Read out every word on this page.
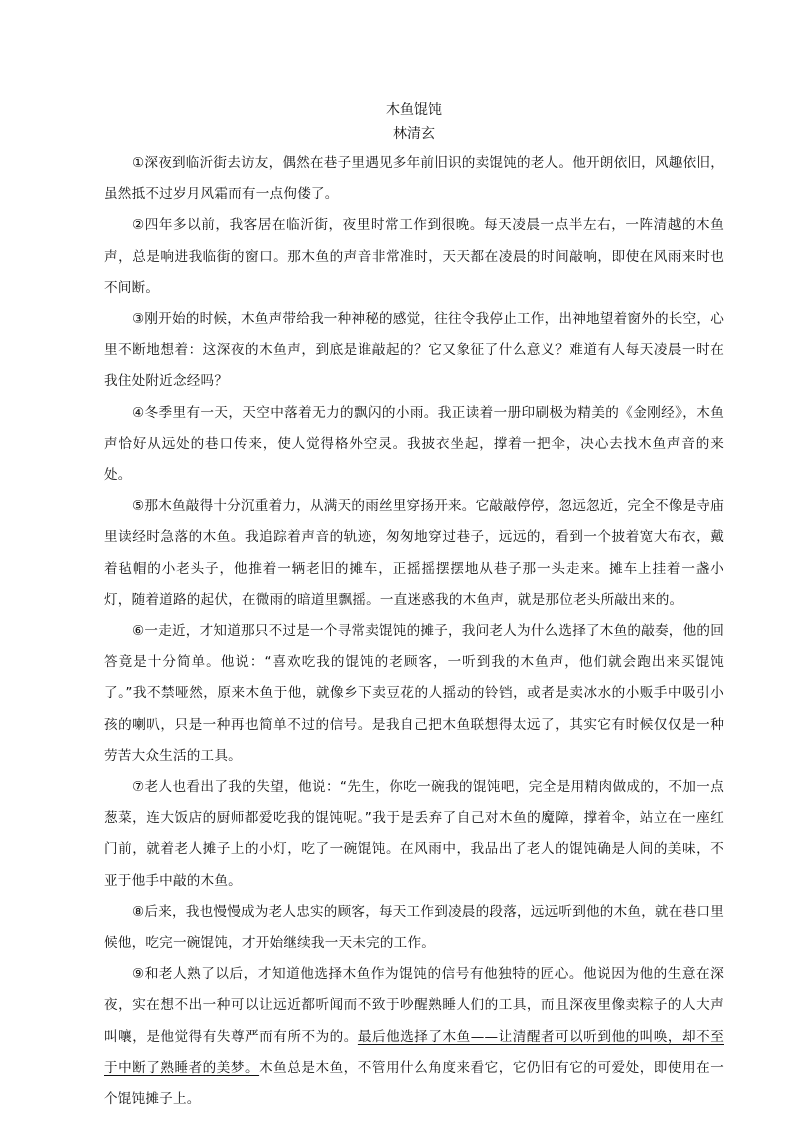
木鱼馄饨
林清玄

①深夜到临沂街去访友，偶然在巷子里遇见多年前旧识的卖馄饨的老人。他开朗依旧，风趣依旧，虽然抵不过岁月风霜而有一点佝偻了。

②四年多以前，我客居在临沂街，夜里时常工作到很晚。每天凌晨一点半左右，一阵清越的木鱼声，总是响进我临街的窗口。那木鱼的声音非常准时，天天都在凌晨的时间敲响，即使在风雨来时也不间断。

③刚开始的时候，木鱼声带给我一种神秘的感觉，往往令我停止工作，出神地望着窗外的长空，心里不断地想着：这深夜的木鱼声，到底是谁敲起的？它又象征了什么意义？难道有人每天凌晨一时在我住处附近念经吗？

④冬季里有一天，天空中落着无力的飘闪的小雨。我正读着一册印刷极为精美的《金刚经》，木鱼声恰好从远处的巷口传来，使人觉得格外空灵。我披衣坐起，撑着一把伞，决心去找木鱼声音的来处。

⑤那木鱼敲得十分沉重着力，从满天的雨丝里穿扬开来。它敲敲停停，忽远忽近，完全不像是寺庙里读经时急落的木鱼。我追踪着声音的轨迹，匆匆地穿过巷子，远远的，看到一个披着宽大布衣，戴着毡帽的小老头子，他推着一辆老旧的摊车，正摇摇摆摆地从巷子那一头走来。摊车上挂着一盏小灯，随着道路的起伏，在微雨的暗道里飘摇。一直迷惑我的木鱼声，就是那位老头所敲出来的。

⑥一走近，才知道那只不过是一个寻常卖馄饨的摊子，我问老人为什么选择了木鱼的敲奏，他的回答竟是十分简单。他说：“喜欢吃我的馄饨的老顾客，一听到我的木鱼声，他们就会跑出来买馄饨了。”我不禁哑然，原来木鱼于他，就像乡下卖豆花的人摇动的铃铛，或者是卖冰水的小贩手中吸引小孩的喇叭，只是一种再也简单不过的信号。是我自己把木鱼联想得太远了，其实它有时候仅仅是一种劳苦大众生活的工具。

⑦老人也看出了我的失望，他说：“先生，你吃一碗我的馄饨吧，完全是用精肉做成的，不加一点葱菜，连大饭店的厨师都爱吃我的馄饨呢。”我于是丢弃了自己对木鱼的魔障，撑着伞，站立在一座红门前，就着老人摊子上的小灯，吃了一碗馄饨。在风雨中，我品出了老人的馄饨确是人间的美味，不亚于他手中敲的木鱼。

⑧后来，我也慢慢成为老人忠实的顾客，每天工作到凌晨的段落，远远听到他的木鱼，就在巷口里候他，吃完一碗馄饨，才开始继续我一天未完的工作。

⑨和老人熟了以后，才知道他选择木鱼作为馄饨的信号有他独特的匠心。他说因为他的生意在深夜，实在想不出一种可以让远近都听闻而不致于吵醒熟睡人们的工具，而且深夜里像卖粽子的人大声叫嚷，是他觉得有失尊严而有所不为的。最后他选择了木鱼——让清醒者可以听到他的叫唤，却不至于中断了熟睡者的美梦。木鱼总是木鱼，不管用什么角度来看它，它仍旧有它的可爱处，即使用在一个馄饨摊子上。
